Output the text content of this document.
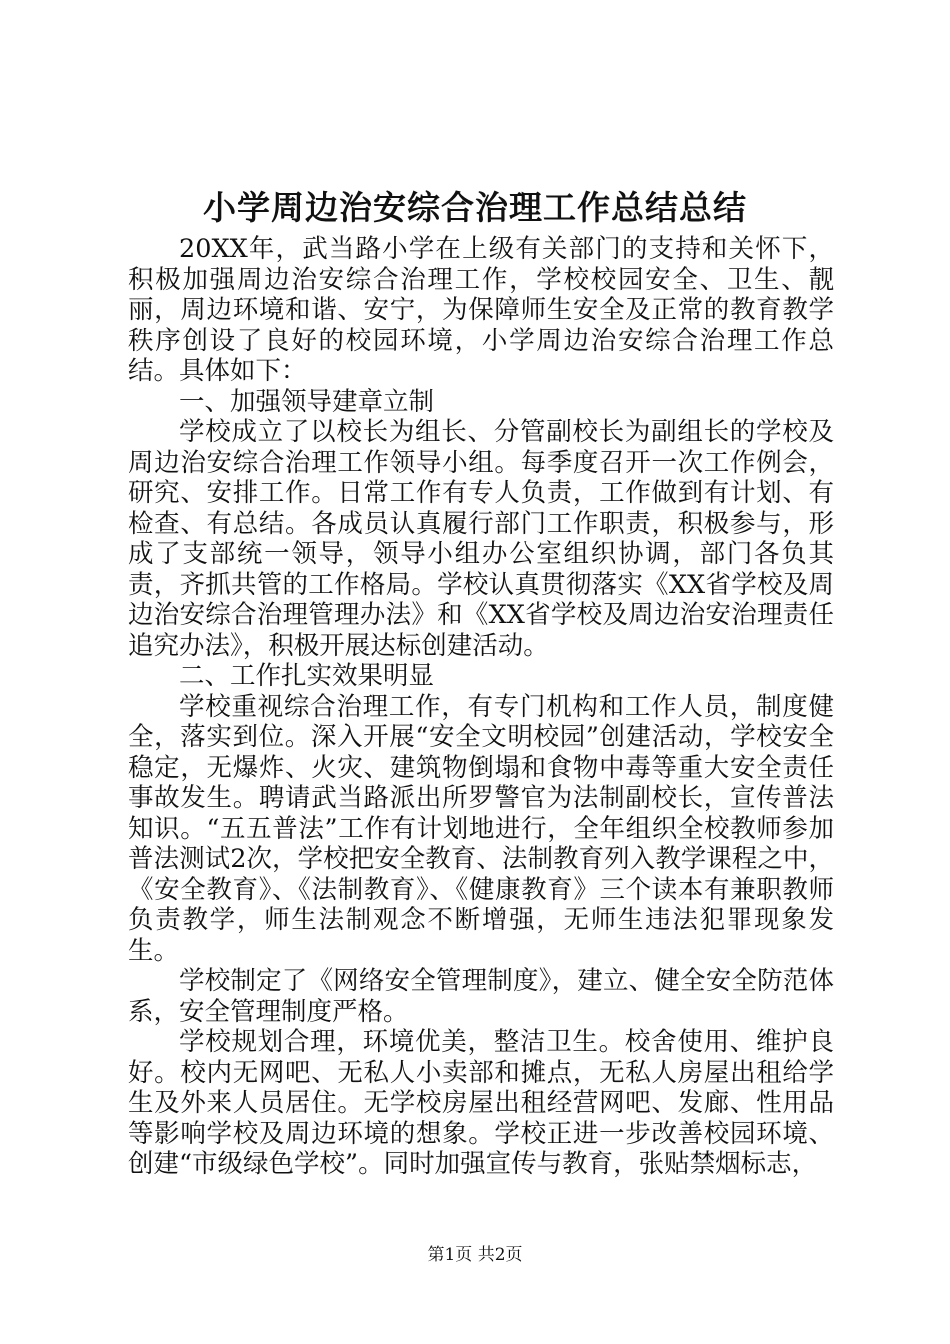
小学周边治安综合治理工作总结总结

20XX年，武当路小学在上级有关部门的支持和关怀下，积极加强周边治安综合治理工作，学校校园安全、卫生、靓丽，周边环境和谐、安宁，为保障师生安全及正常的教育教学秩序创设了良好的校园环境，小学周边治安综合治理工作总结。具体如下：

一、加强领导建章立制

学校成立了以校长为组长、分管副校长为副组长的学校及周边治安综合治理工作领导小组。每季度召开一次工作例会，研究、安排工作。日常工作有专人负责，工作做到有计划、有检查、有总结。各成员认真履行部门工作职责，积极参与，形成了支部统一领导，领导小组办公室组织协调，部门各负其责，齐抓共管的工作格局。学校认真贯彻落实《XX省学校及周边治安综合治理管理办法》和《XX省学校及周边治安治理责任追究办法》，积极开展达标创建活动。

二、工作扎实效果明显

学校重视综合治理工作，有专门机构和工作人员，制度健全，落实到位。深入开展“安全文明校园”创建活动，学校安全稳定，无爆炸、火灾、建筑物倒塌和食物中毒等重大安全责任事故发生。聘请武当路派出所罗警官为法制副校长，宣传普法知识。“五五普法”工作有计划地进行，全年组织全校教师参加普法测试2次，学校把安全教育、法制教育列入教学课程之中，《安全教育》、《法制教育》、《健康教育》三个读本有兼职教师负责教学，师生法制观念不断增强，无师生违法犯罪现象发生。

学校制定了《网络安全管理制度》，建立、健全安全防范体系，安全管理制度严格。

学校规划合理，环境优美，整洁卫生。校舍使用、维护良好。校内无网吧、无私人小卖部和摊点，无私人房屋出租给学生及外来人员居住。无学校房屋出租经营网吧、发廊、性用品等影响学校及周边环境的想象。学校正进一步改善校园环境、创建“市级绿色学校”。同时加强宣传与教育，张贴禁烟标志，

第1页 共2页
